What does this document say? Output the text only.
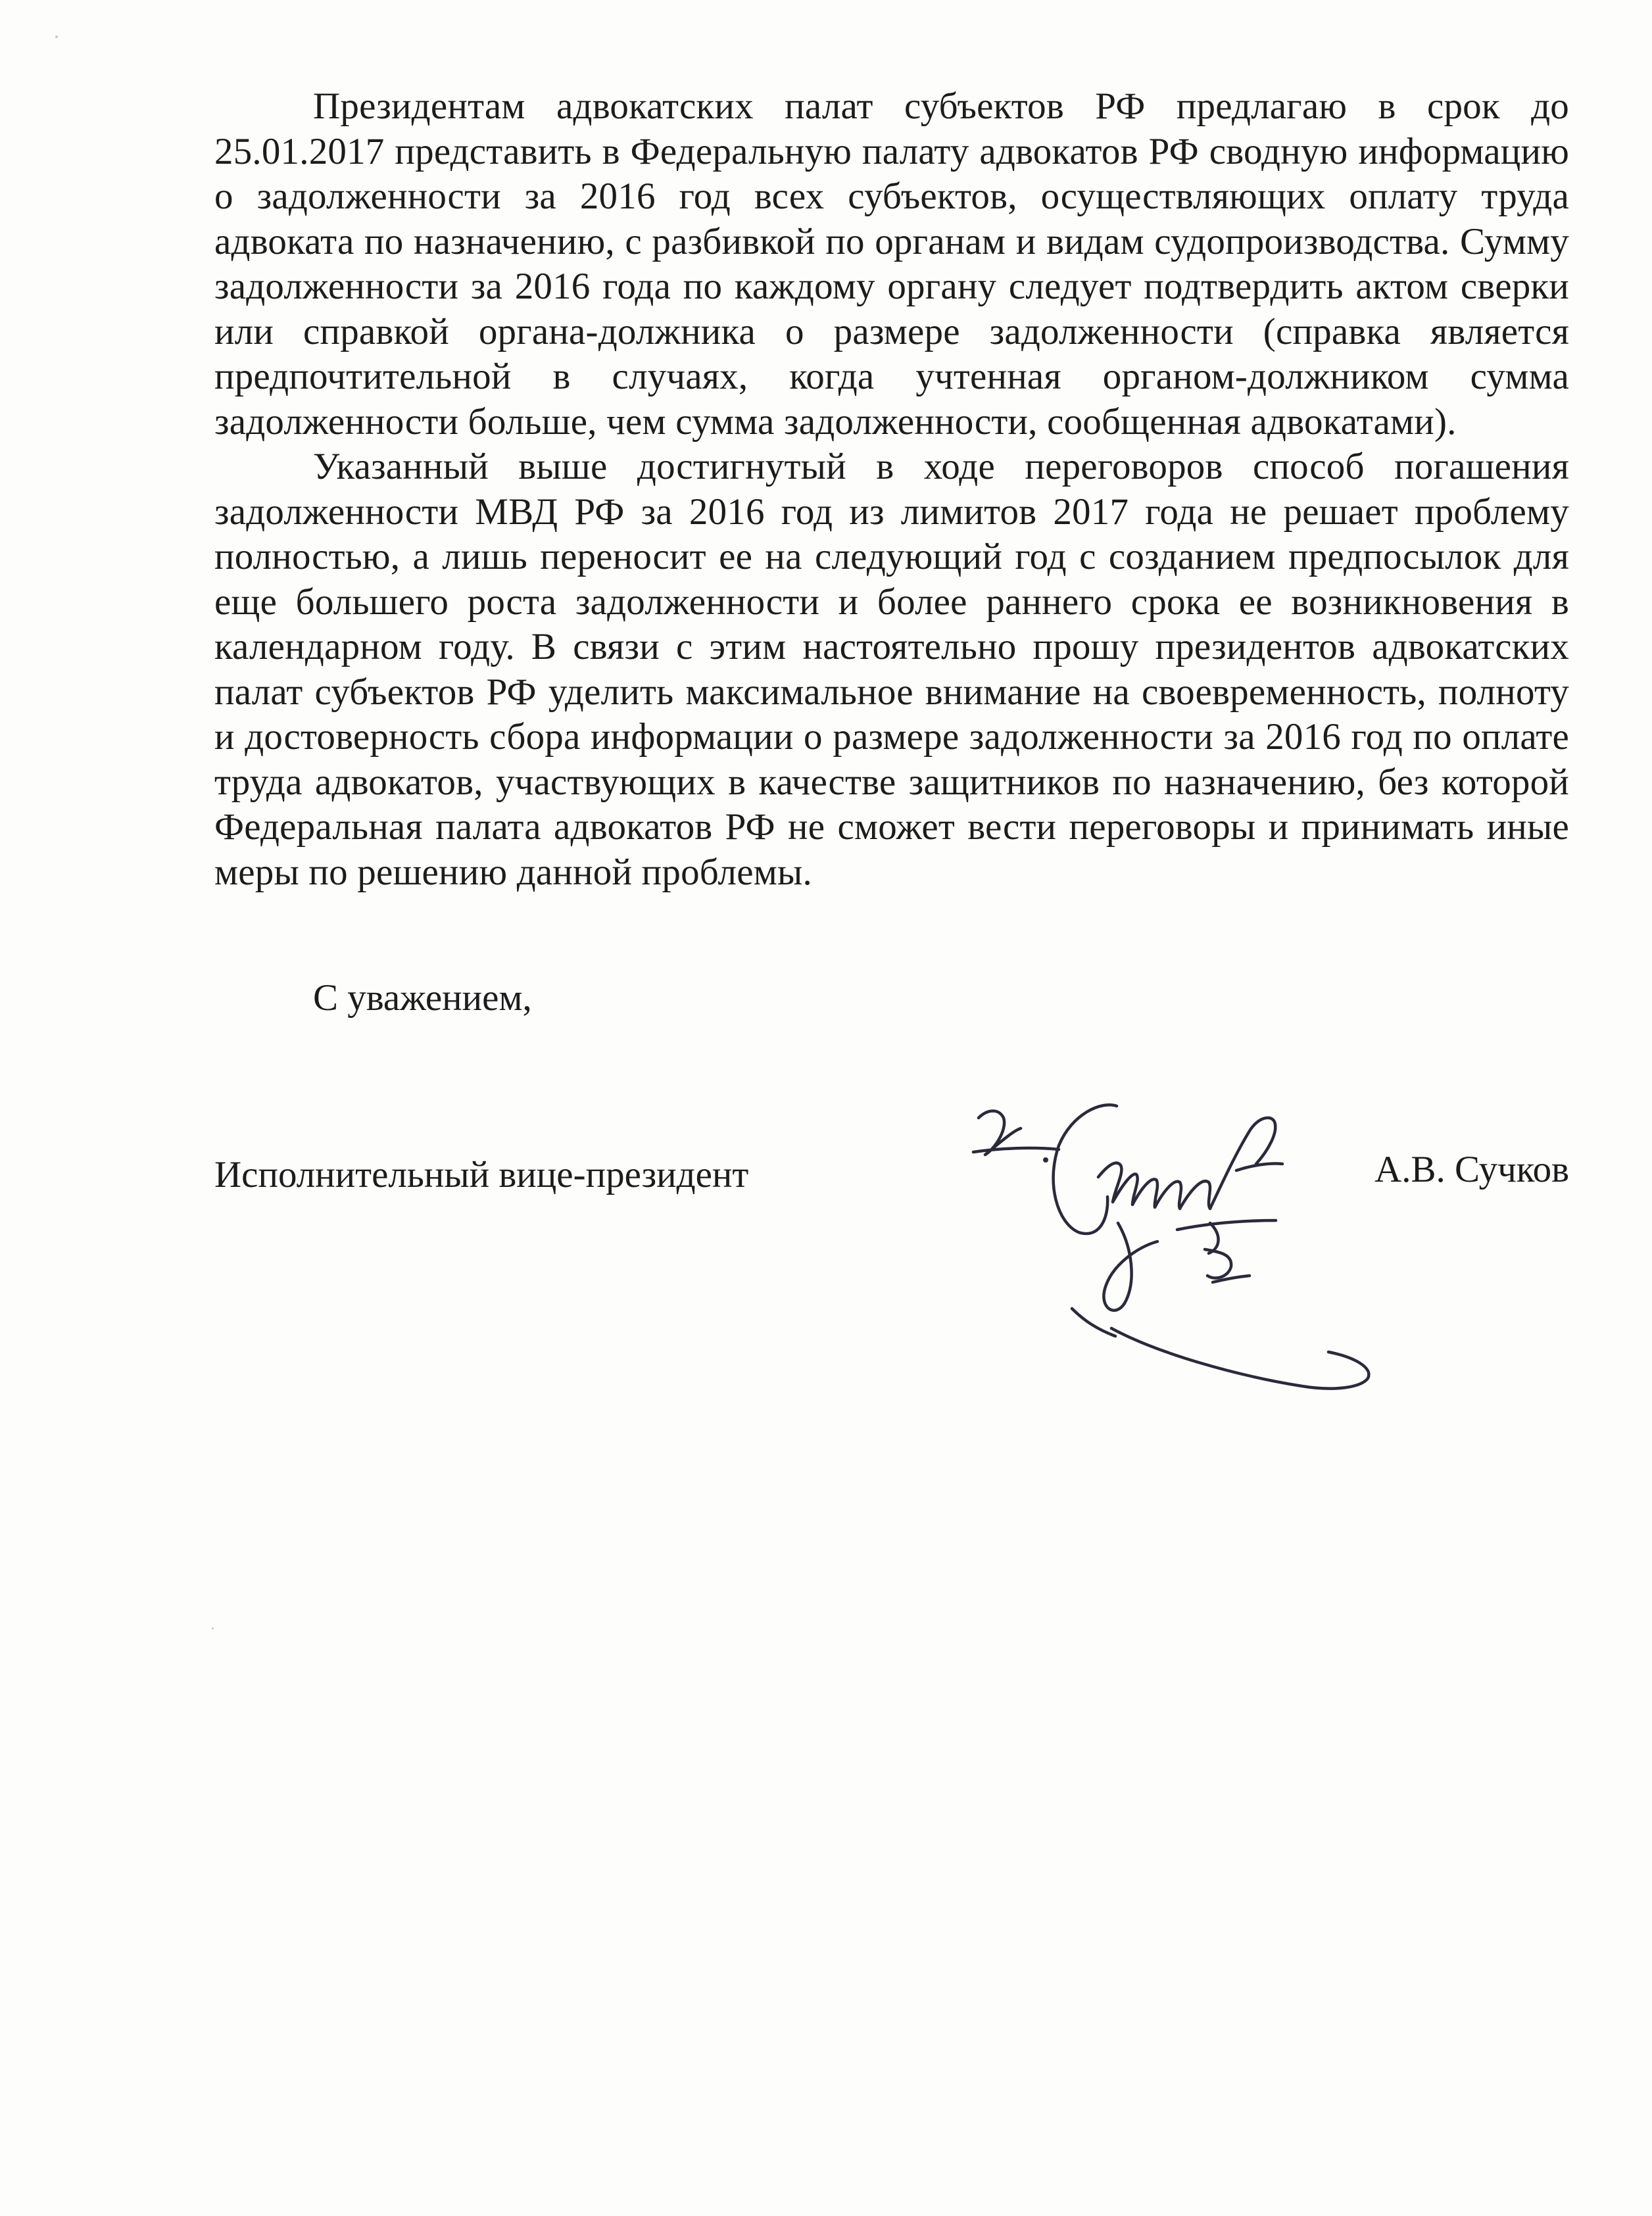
Президентам адвокатских палат субъектов РФ предлагаю в срок до 25.01.2017 представить в Федеральную палату адвокатов РФ сводную информацию о задолженности за 2016 год всех субъектов, осуществляющих оплату труда адвоката по назначению, с разбивкой по органам и видам судопроизводства. Сумму задолженности за 2016 года по каждому органу следует подтвердить актом сверки или справкой органа-должника о размере задолженности (справка является предпочтительной в случаях, когда учтенная органом-должником сумма задолженности больше, чем сумма задолженности, сообщенная адвокатами).

Указанный выше достигнутый в ходе переговоров способ погашения задолженности МВД РФ за 2016 год из лимитов 2017 года не решает проблему полностью, а лишь переносит ее на следующий год с созданием предпосылок для еще большего роста задолженности и более раннего срока ее возникновения в календарном году. В связи с этим настоятельно прошу президентов адвокатских палат субъектов РФ уделить максимальное внимание на своевременность, полноту и достоверность сбора информации о размере задолженности за 2016 год по оплате труда адвокатов, участвующих в качестве защитников по назначению, без которой Федеральная палата адвокатов РФ не сможет вести переговоры и принимать иные меры по решению данной проблемы.

С уважением,

Исполнительный вице-президент	А.В. Сучков
